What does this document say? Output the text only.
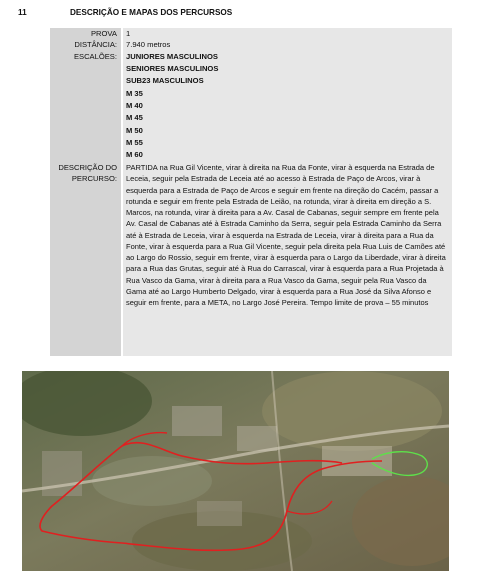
11	DESCRIÇÃO E MAPAS DOS PERCURSOS
PROVA
DISTÂNCIA:
ESCALÕES:
DESCRIÇÃO DO
PERCURSO:
1
7.940 metros
JUNIORES MASCULINOS
SENIORES MASCULINOS
SUB23 MASCULINOS
M 35
M 40
M 45
M 50
M 55
M 60
PARTIDA na Rua Gil Vicente, virar à direita na Rua da Fonte, virar à esquerda na Estrada de Leceia, seguir pela Estrada de Leceia até ao acesso à Estrada de Paço de Arcos, virar à esquerda para a Estrada de Paço de Arcos e seguir em frente na direção do Cacém, passar a rotunda e seguir em frente pela Estrada de Leião, na rotunda, virar à direita em direção a S. Marcos, na rotunda, virar à direita para a Av. Casal de Cabanas, seguir sempre em frente pela Av. Casal de Cabanas até à Estrada Caminho da Serra, seguir pela Estrada Caminho da Serra até à Estrada de Leceia, virar à esquerda na Estrada de Leceia, virar à direita para a Rua da Fonte, virar à esquerda para a Rua Gil Vicente, seguir pela direita pela Rua Luis de Camões até ao Largo do Rossio, seguir em frente, virar à esquerda para o Largo da Liberdade, virar à direita para a Rua das Grutas, seguir até à Rua do Carrascal, virar à esquerda para a Rua Projetada à Rua Vasco da Gama, virar à direita para a Rua Vasco da Gama, seguir pela Rua Vasco da Gama até ao Largo Humberto Delgado, virar à esquerda para a Rua José da Silva Afonso e seguir em frente, para a META, no Largo José Pereira. Tempo limite de prova – 55 minutos
